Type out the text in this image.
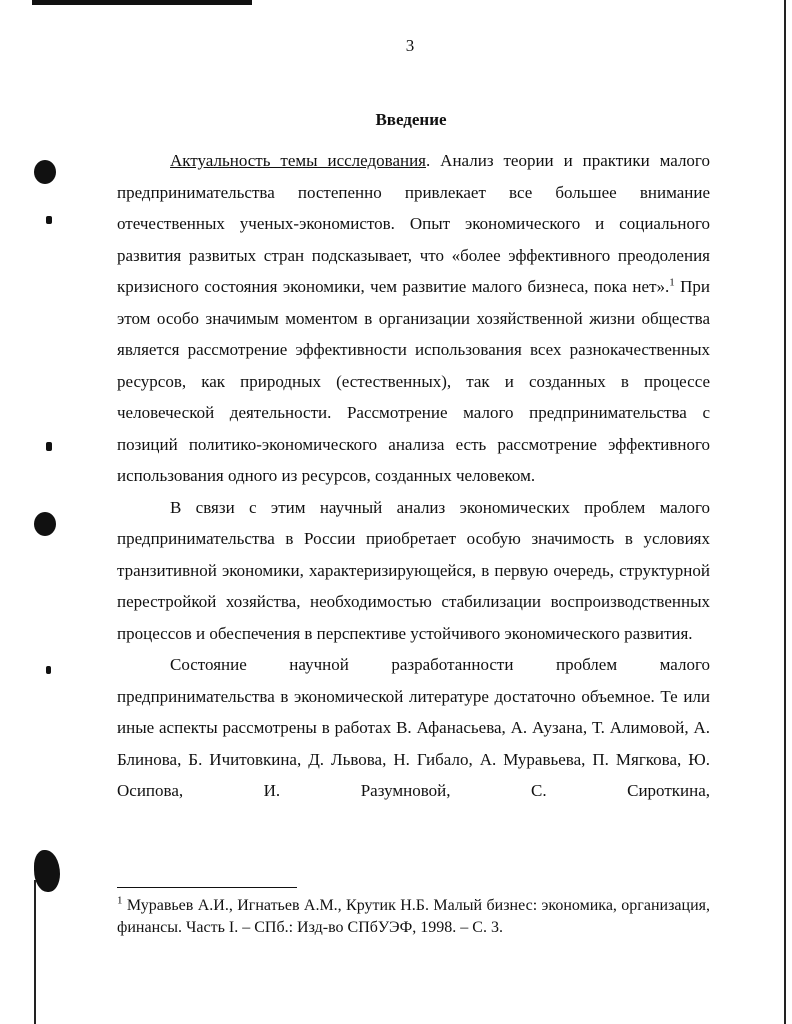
3
Введение

Актуальность темы исследования. Анализ теории и практики малого предпринимательства постепенно привлекает все большее внимание отечественных ученых-экономистов. Опыт экономического и социального развития развитых стран подсказывает, что «более эффективного преодоления кризисного состояния экономики, чем развитие малого бизнеса, пока нет».$^1$ При этом особо значимым моментом в организации хозяйственной жизни общества является рассмотрение эффективности использования всех разнокачественных ресурсов, как природных (естественных), так и созданных в процессе человеческой деятельности. Рассмотрение малого предпринимательства с позиций политико-экономического анализа есть рассмотрение эффективного использования одного из ресурсов, созданных человеком.

В связи с этим научный анализ экономических проблем малого предпринимательства в России приобретает особую значимость в условиях транзитивной экономики, характеризирующейся, в первую очередь, структурной перестройкой хозяйства, необходимостью стабилизации воспроизводственных процессов и обеспечения в перспективе устойчивого экономического развития.

Состояние научной разработанности проблем малого предпринимательства в экономической литературе достаточно объемное. Те или иные аспекты рассмотрены в работах В. Афанасьева, А. Аузана, Т. Алимовой, А. Блинова, Б. Ичитовкина, Д. Львова, Н. Гибало, А. Муравьева, П. Мягкова, Ю. Осипова, И. Разумновой, С. Сироткина,

$^1$ Муравьев А.И., Игнатьев А.М., Крутик Н.Б. Малый бизнес: экономика, организация, финансы. Часть I. – СПб.: Изд-во СПбУЭФ, 1998. – С. 3.
